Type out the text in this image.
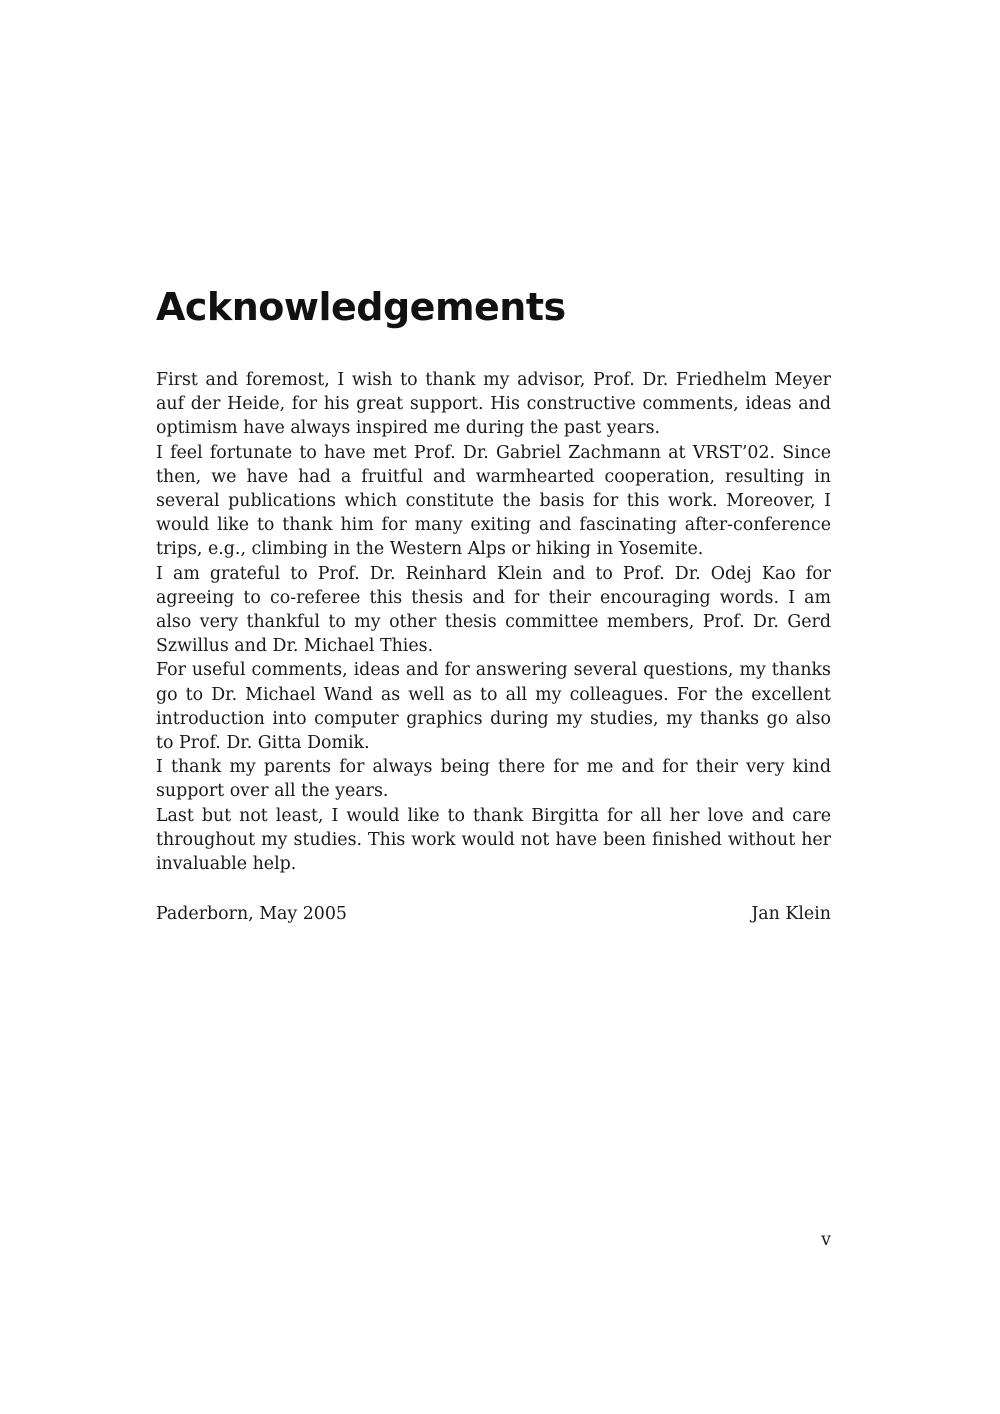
Acknowledgements

First and foremost, I wish to thank my advisor, Prof. Dr. Friedhelm Meyer auf der Heide, for his great support. His constructive comments, ideas and optimism have always inspired me during the past years.

I feel fortunate to have met Prof. Dr. Gabriel Zachmann at VRST’02. Since then, we have had a fruitful and warmhearted cooperation, resulting in several publications which constitute the basis for this work. Moreover, I would like to thank him for many exiting and fascinating after-conference trips, e.g., climbing in the Western Alps or hiking in Yosemite.

I am grateful to Prof. Dr. Reinhard Klein and to Prof. Dr. Odej Kao for agreeing to co-referee this thesis and for their encouraging words. I am also very thankful to my other thesis committee members, Prof. Dr. Gerd Szwillus and Dr. Michael Thies.

For useful comments, ideas and for answering several questions, my thanks go to Dr. Michael Wand as well as to all my colleagues. For the excellent introduction into computer graphics during my studies, my thanks go also to Prof. Dr. Gitta Domik.

I thank my parents for always being there for me and for their very kind support over all the years.

Last but not least, I would like to thank Birgitta for all her love and care throughout my studies. This work would not have been finished without her invaluable help.

Paderborn, May 2005	Jan Klein
v
